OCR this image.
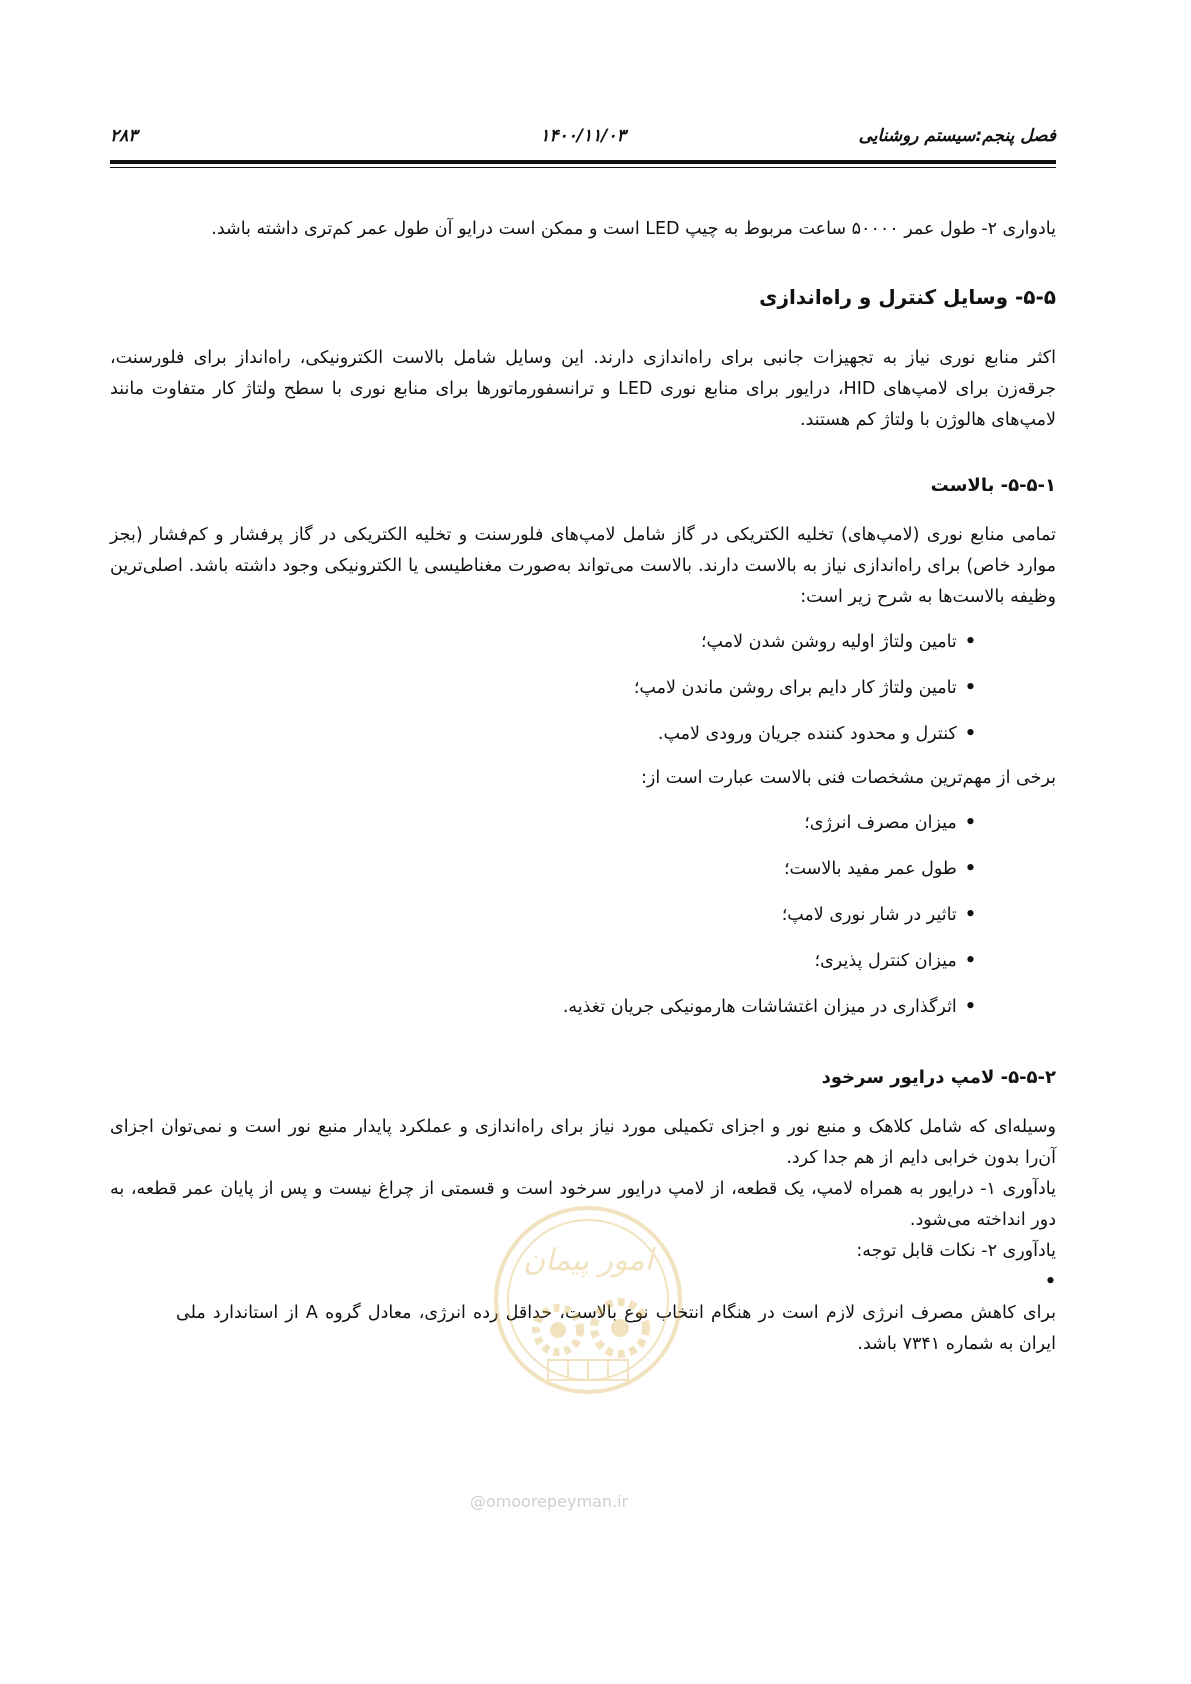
فصل پنجم:سیستم روشنایی
۱۴۰۰/۱۱/۰۳
۲۸۳

یادواری ۲- طول عمر ۵۰۰۰۰ ساعت مربوط به چیپ LED است و ممکن است درایو آن طول عمر کم‌تری داشته باشد.

۵-۵- وسایل کنترل و راه‌اندازی

اکثر منابع نوری نیاز به تجهیزات جانبی برای راه‌اندازی دارند. این وسایل شامل بالاست الکترونیکی، راه‌انداز برای فلورسنت، جرقه‌زن برای لامپ‌های HID، درایور برای منابع نوری LED و ترانسفورماتورها برای منابع نوری با سطح ولتاژ کار متفاوت مانند لامپ‌های هالوژن با ولتاژ کم هستند.

۵-۵-۱- بالاست

تمامی منابع نوری (لامپ‌های) تخلیه الکتریکی در گاز شامل لامپ‌های فلورسنت و تخلیه الکتریکی در گاز پرفشار و کم‌فشار (بجز موارد خاص) برای راه‌اندازی نیاز به بالاست دارند. بالاست می‌تواند به‌صورت مغناطیسی یا الکترونیکی وجود داشته باشد. اصلی‌ترین وظیفه بالاست‌ها به شرح زیر است:

• تامین ولتاژ اولیه روشن شدن لامپ؛
• تامین ولتاژ کار دایم برای روشن ماندن لامپ؛
• کنترل و محدود کننده جریان ورودی لامپ.

برخی از مهم‌ترین مشخصات فنی بالاست عبارت است از:

• میزان مصرف انرژی؛
• طول عمر مفید بالاست؛
• تاثیر در شار نوری لامپ؛
• میزان کنترل پذیری؛
• اثرگذاری در میزان اغتشاشات هارمونیکی جریان تغذیه.
۵-۵-۲- لامپ درایور سرخود

وسیله‌ای که شامل کلاهک و منبع نور و اجزای تکمیلی مورد نیاز برای راه‌اندازی و عملکرد پایدار منبع نور است و نمی‌توان اجزای آن‌را بدون خرابی دایم از هم جدا کرد.

یادآوری ۱- درایور به همراه لامپ، یک قطعه، از لامپ درایور سرخود است و قسمتی از چراغ نیست و پس از پایان عمر قطعه، به دور انداخته می‌شود.

یادآوری ۲- نکات قابل توجه:

• برای کاهش مصرف انرژی لازم است در هنگام انتخاب نوع بالاست، حداقل رده انرژی، معادل گروه A از استاندارد ملی ایران به شماره ۷۳۴۱ باشد.
امور پیمان
@omoorepeyman.ir
